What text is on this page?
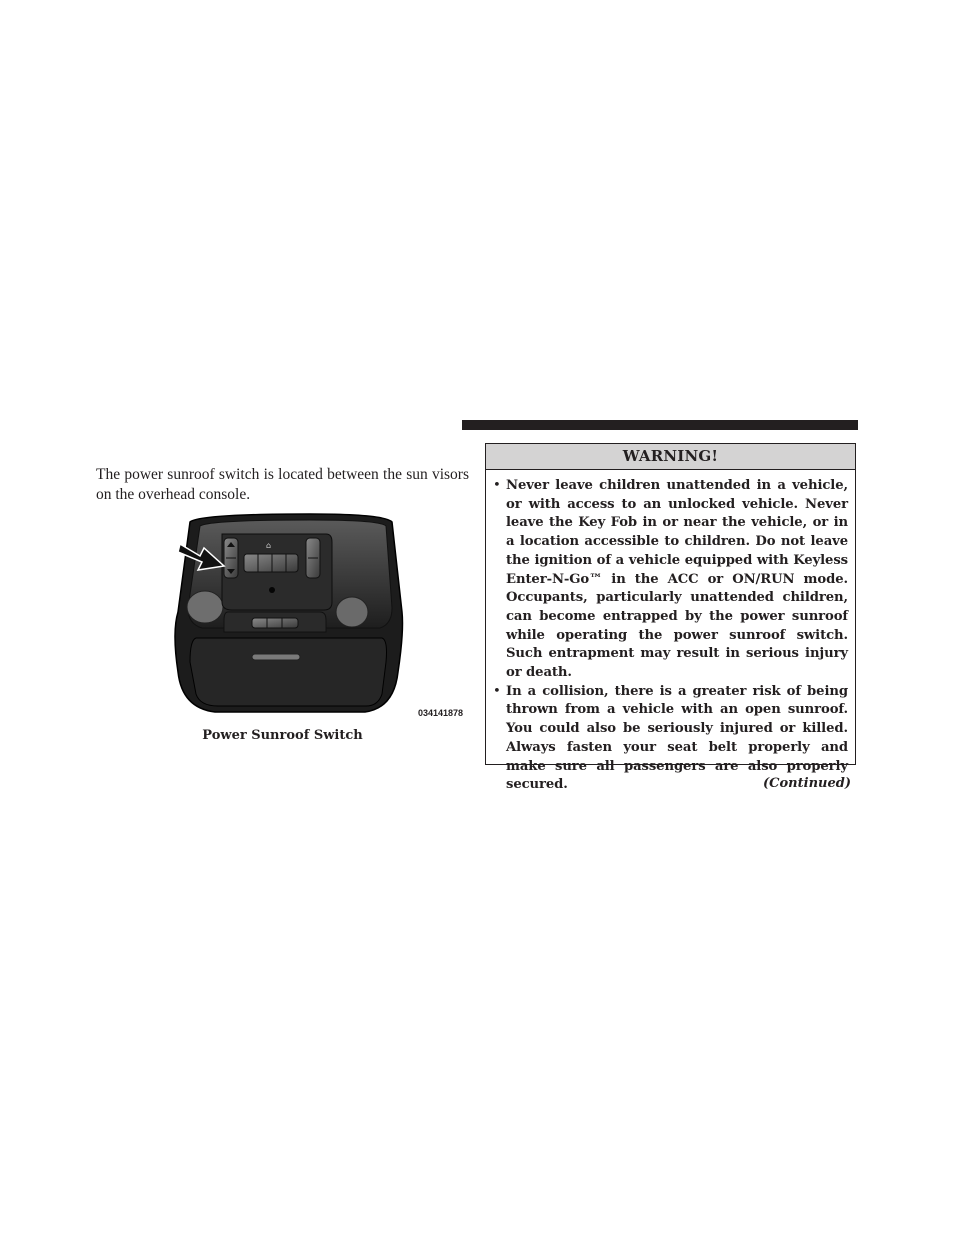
The power sunroof switch is located between the sun visors on the overhead console.

⌂
034141878
Power Sunroof Switch
WARNING!
• Never leave children unattended in a vehicle, or with access to an unlocked vehicle. Never leave the Key Fob in or near the vehicle, or in a location accessible to children. Do not leave the ignition of a vehicle equipped with Keyless Enter-N-Go™ in the ACC or ON/RUN mode. Occupants, particularly unattended children, can become entrapped by the power sunroof while operating the power sunroof switch. Such entrapment may result in serious injury or death.
• In a collision, there is a greater risk of being thrown from a vehicle with an open sunroof. You could also be seriously injured or killed. Always fasten your seat belt properly and make sure all passengers are also properly secured.	(Continued)
